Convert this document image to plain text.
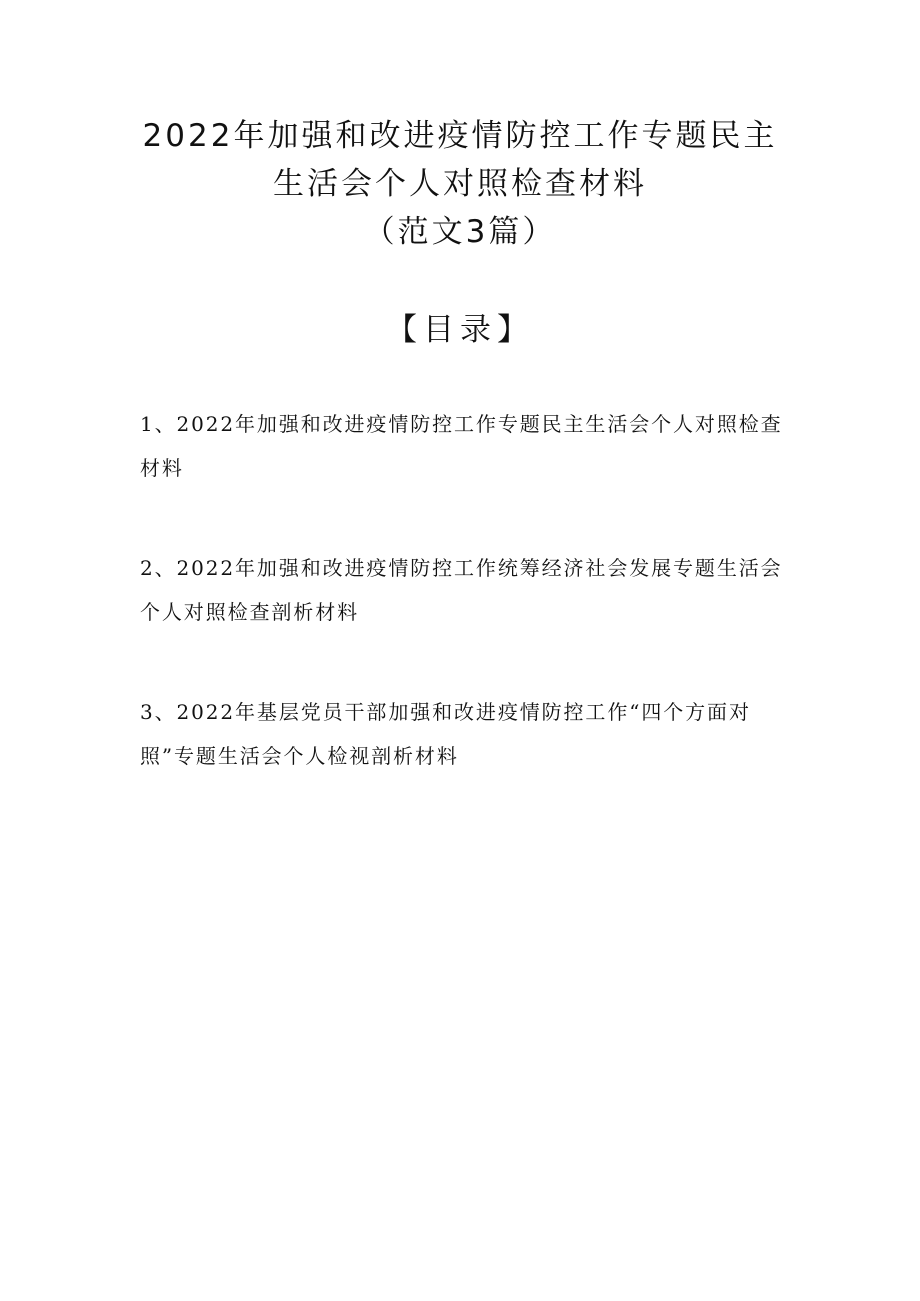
2022年加强和改进疫情防控工作专题民主
生活会个人对照检查材料
（范文3篇）
【目录】
1、2022年加强和改进疫情防控工作专题民主生活会个人对照检查材料
2、2022年加强和改进疫情防控工作统筹经济社会发展专题生活会个人对照检查剖析材料
3、2022年基层党员干部加强和改进疫情防控工作“四个方面对照”专题生活会个人检视剖析材料
